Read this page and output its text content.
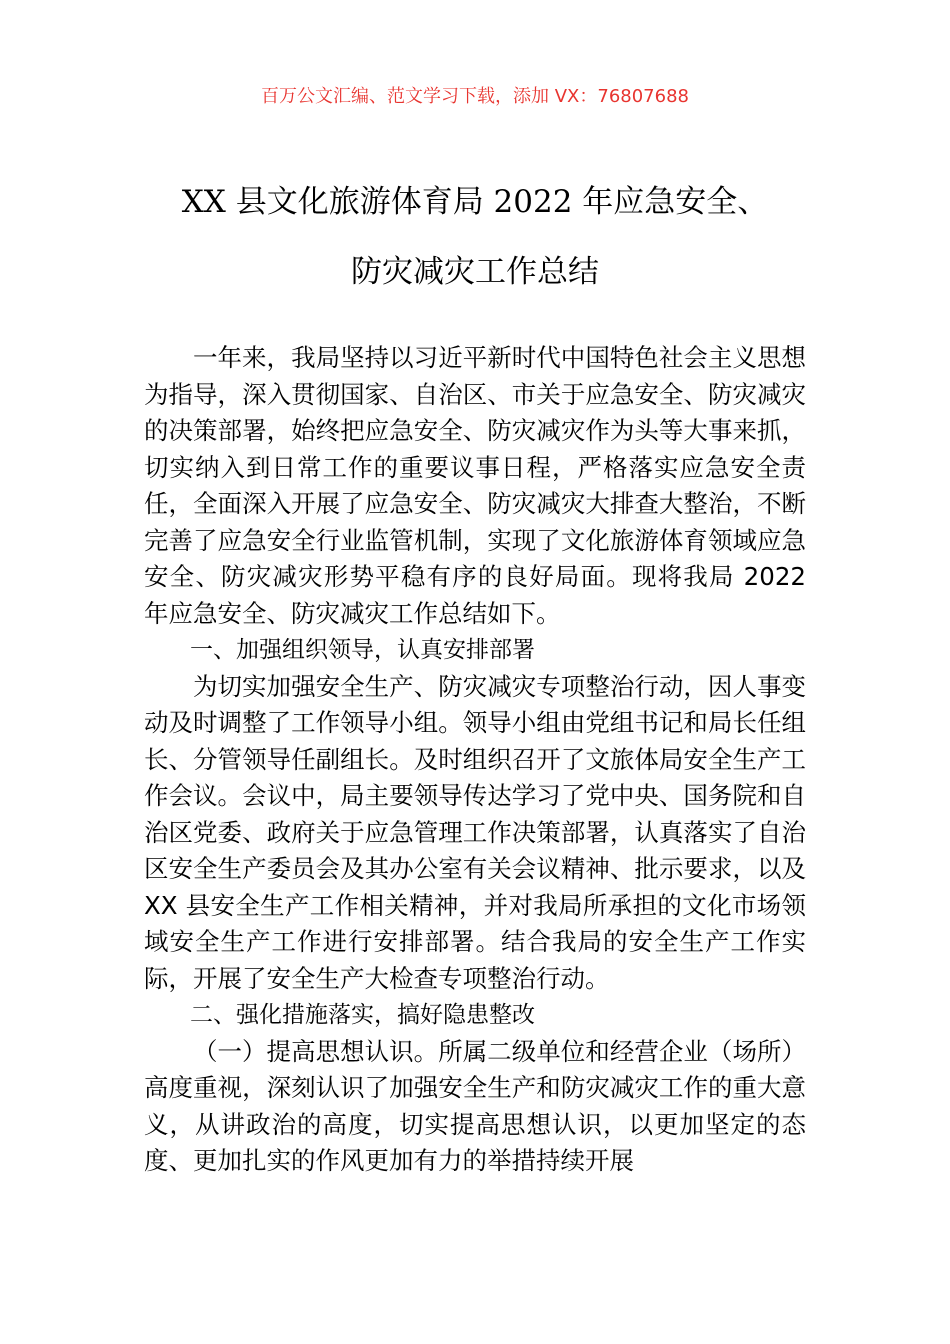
百万公文汇编、范文学习下载，添加 VX：76807688
XX 县文化旅游体育局 2022 年应急安全、
防灾减灾工作总结

一年来，我局坚持以习近平新时代中国特色社会主义思想为指导，深入贯彻国家、自治区、市关于应急安全、防灾减灾的决策部署，始终把应急安全、防灾减灾作为头等大事来抓，切实纳入到日常工作的重要议事日程，严格落实应急安全责任，全面深入开展了应急安全、防灾减灾大排查大整治，不断完善了应急安全行业监管机制，实现了文化旅游体育领域应急安全、防灾减灾形势平稳有序的良好局面。现将我局 2022 年应急安全、防灾减灾工作总结如下。

一、加强组织领导，认真安排部署

为切实加强安全生产、防灾减灾专项整治行动，因人事变动及时调整了工作领导小组。领导小组由党组书记和局长任组长、分管领导任副组长。及时组织召开了文旅体局安全生产工作会议。会议中，局主要领导传达学习了党中央、国务院和自治区党委、政府关于应急管理工作决策部署，认真落实了自治区安全生产委员会及其办公室有关会议精神、批示要求，以及 XX 县安全生产工作相关精神，并对我局所承担的文化市场领域安全生产工作进行安排部署。结合我局的安全生产工作实际，开展了安全生产大检查专项整治行动。

二、强化措施落实，搞好隐患整改

（一）提高思想认识。所属二级单位和经营企业（场所）高度重视，深刻认识了加强安全生产和防灾减灾工作的重大意义，从讲政治的高度，切实提高思想认识，以更加坚定的态度、更加扎实的作风更加有力的举措持续开展
